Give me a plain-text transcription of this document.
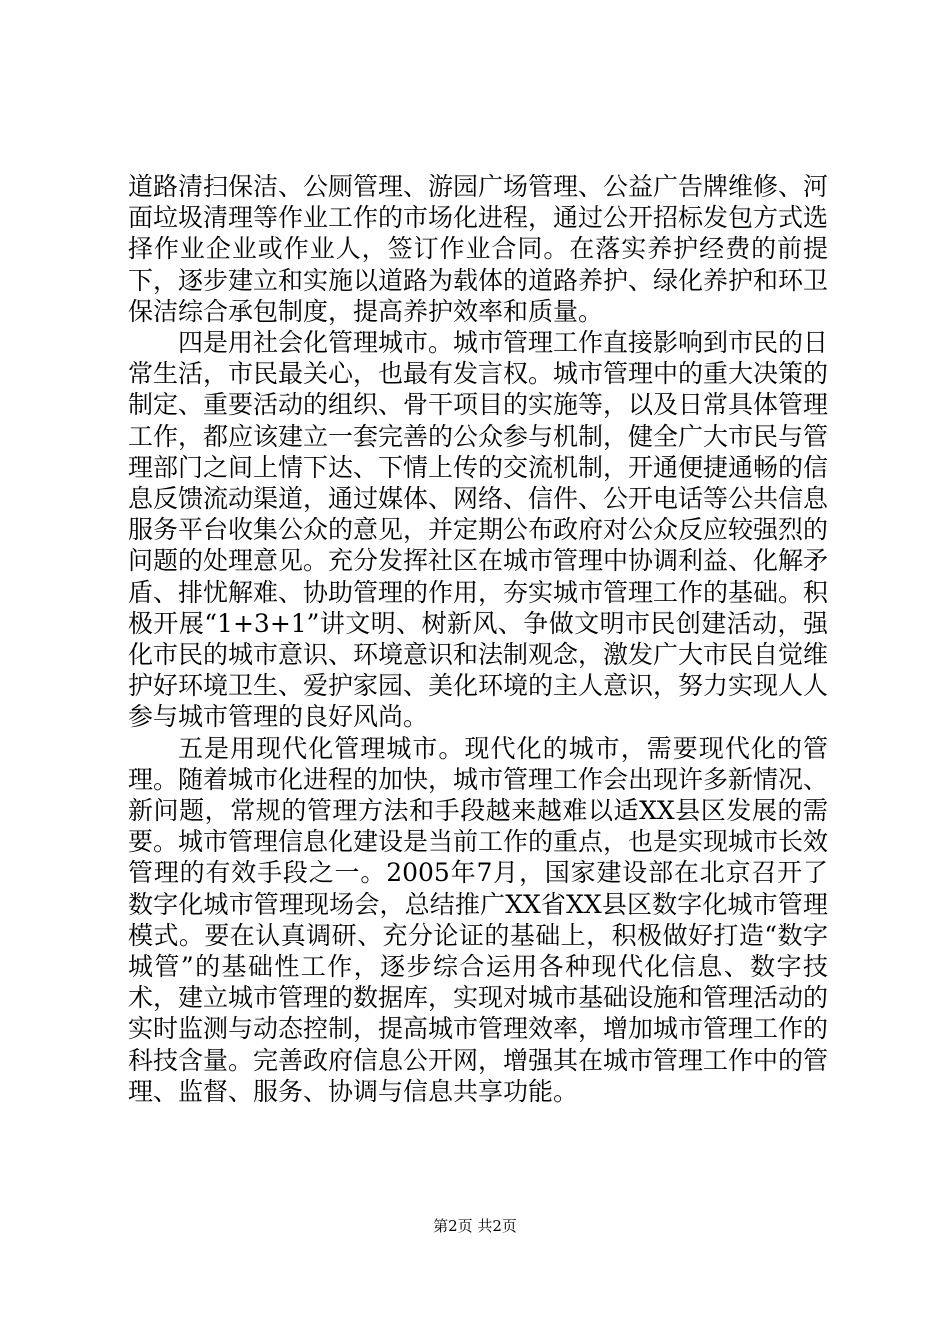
道路清扫保洁、公厕管理、游园广场管理、公益广告牌维修、河面垃圾清理等作业工作的市场化进程，通过公开招标发包方式选择作业企业或作业人，签订作业合同。在落实养护经费的前提下，逐步建立和实施以道路为载体的道路养护、绿化养护和环卫保洁综合承包制度，提高养护效率和质量。

四是用社会化管理城市。城市管理工作直接影响到市民的日常生活，市民最关心，也最有发言权。城市管理中的重大决策的制定、重要活动的组织、骨干项目的实施等，以及日常具体管理工作，都应该建立一套完善的公众参与机制，健全广大市民与管理部门之间上情下达、下情上传的交流机制，开通便捷通畅的信息反馈流动渠道，通过媒体、网络、信件、公开电话等公共信息服务平台收集公众的意见，并定期公布政府对公众反应较强烈的问题的处理意见。充分发挥社区在城市管理中协调利益、化解矛盾、排忧解难、协助管理的作用，夯实城市管理工作的基础。积极开展“1+3+1”讲文明、树新风、争做文明市民创建活动，强化市民的城市意识、环境意识和法制观念，激发广大市民自觉维护好环境卫生、爱护家园、美化环境的主人意识，努力实现人人参与城市管理的良好风尚。

五是用现代化管理城市。现代化的城市，需要现代化的管理。随着城市化进程的加快，城市管理工作会出现许多新情况、新问题，常规的管理方法和手段越来越难以适XX县区发展的需要。城市管理信息化建设是当前工作的重点，也是实现城市长效管理的有效手段之一。2005年7月，国家建设部在北京召开了数字化城市管理现场会，总结推广XX省XX县区数字化城市管理模式。要在认真调研、充分论证的基础上，积极做好打造“数字城管”的基础性工作，逐步综合运用各种现代化信息、数字技术，建立城市管理的数据库，实现对城市基础设施和管理活动的实时监测与动态控制，提高城市管理效率，增加城市管理工作的科技含量。完善政府信息公开网，增强其在城市管理工作中的管理、监督、服务、协调与信息共享功能。

第2页 共2页
